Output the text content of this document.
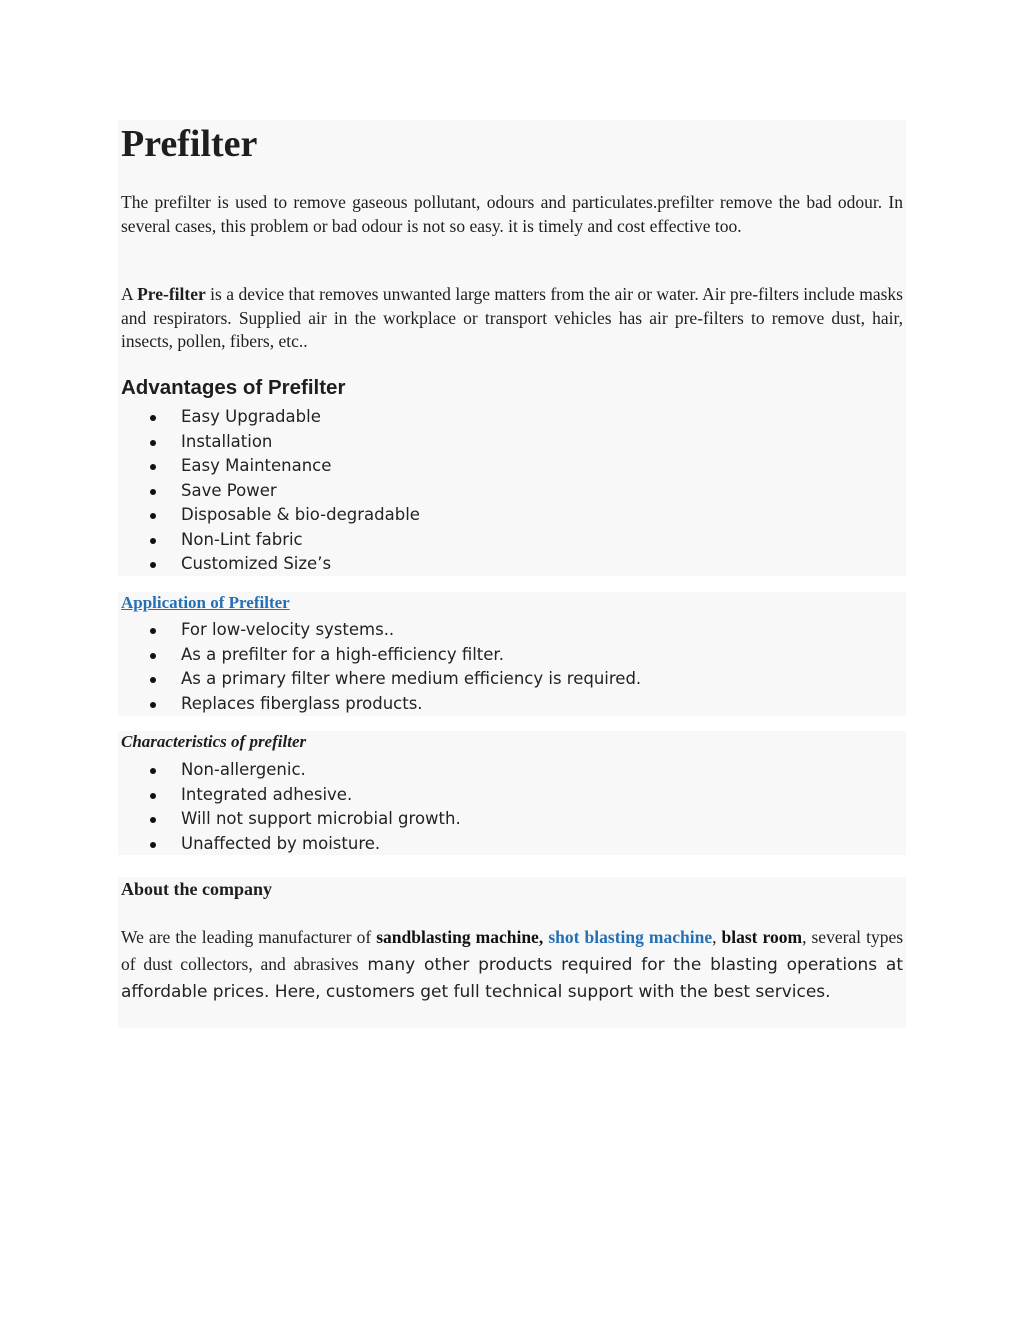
Prefilter

The prefilter is used to remove gaseous pollutant, odours and particulates.prefilter remove the bad odour. In several cases, this problem or bad odour is not so easy. it is timely and cost effective too.

A Pre-filter is a device that removes unwanted large matters from the air or water. Air pre-filters include masks and respirators. Supplied air in the workplace or transport vehicles has air pre-filters to remove dust, hair, insects, pollen, fibers, etc..

Advantages of Prefilter
Easy Upgradable
Installation
Easy Maintenance
Save Power
Disposable & bio-degradable
Non-Lint fabric
Customized Size’s
Application of Prefilter
For low-velocity systems..
As a prefilter for a high-efficiency filter.
As a primary filter where medium efficiency is required.
Replaces fiberglass products.
Characteristics of prefilter
Non-allergenic.
Integrated adhesive.
Will not support microbial growth.
Unaffected by moisture.
About the company

We are the leading manufacturer of sandblasting machine, shot blasting machine, blast room, several types of dust collectors, and abrasives many other products required for the blasting operations at affordable prices. Here, customers get full technical support with the best services.
